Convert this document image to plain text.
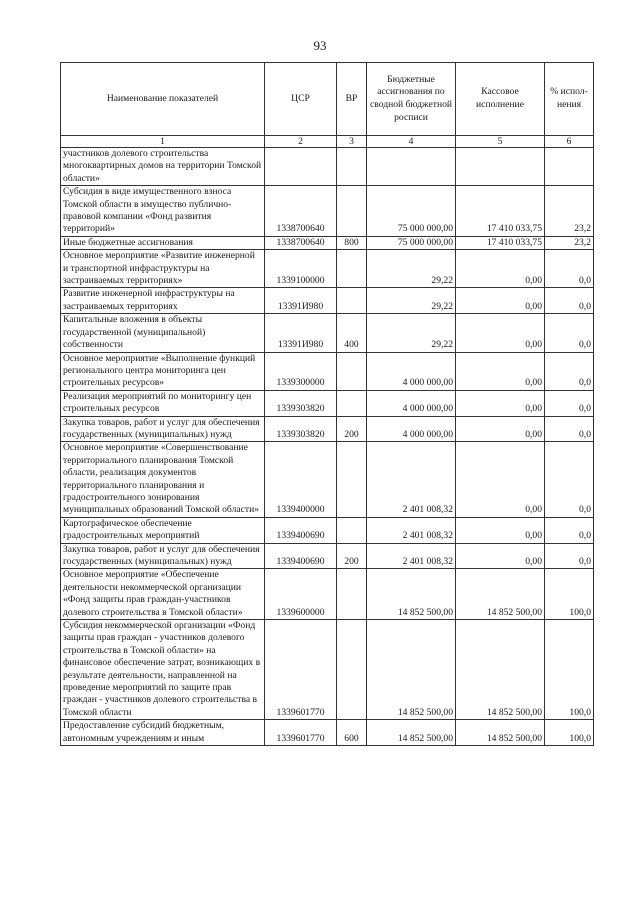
93
Наименование показателей	ЦСР	ВР	Бюджетные ассигнования по сводной бюджетной росписи	Кассовое исполнение	% испол-нения
1	2	3	4	5	6
участников долевого строительства многоквартирных домов на территории Томской области»					
Субсидия в виде имущественного взноса Томской области в имущество публично-правовой компании «Фонд развития территорий»	1338700640		75 000 000,00	17 410 033,75	23,2
Иные бюджетные ассигнования	1338700640	800	75 000 000,00	17 410 033,75	23,2
Основное мероприятие «Развитие инженерной и транспортной инфраструктуры на застраиваемых территориях»	1339100000		29,22	0,00	0,0
Развитие инженерной инфраструктуры на застраиваемых территориях	13391И980		29,22	0,00	0,0
Капитальные вложения в объекты государственной (муниципальной) собственности	13391И980	400	29,22	0,00	0,0
Основное мероприятие «Выполнение функций регионального центра мониторинга цен строительных ресурсов»	1339300000		4 000 000,00	0,00	0,0
Реализация мероприятий по мониторингу цен строительных ресурсов	1339303820		4 000 000,00	0,00	0,0
Закупка товаров, работ и услуг для обеспечения государственных (муниципальных) нужд	1339303820	200	4 000 000,00	0,00	0,0
Основное мероприятие «Совершенствование территориального планирования Томской области, реализация документов территориального планирования и градостроительного зонирования муниципальных образований Томской области»	1339400000		2 401 008,32	0,00	0,0
Картографическое обеспечение градостроительных мероприятий	1339400690		2 401 008,32	0,00	0,0
Закупка товаров, работ и услуг для обеспечения государственных (муниципальных) нужд	1339400690	200	2 401 008,32	0,00	0,0
Основное мероприятие «Обеспечение деятельности некоммерческой организации «Фонд защиты прав граждан-участников долевого строительства в Томской области»	1339600000		14 852 500,00	14 852 500,00	100,0
Субсидия некоммерческой организации «Фонд защиты прав граждан - участников долевого строительства в Томской области» на финансовое обеспечение затрат, возникающих в результате деятельности, направленной на проведение мероприятий по защите прав граждан - участников долевого строительства в Томской области	1339601770		14 852 500,00	14 852 500,00	100,0
Предоставление субсидий бюджетным, автономным учреждениям и иным	1339601770	600	14 852 500,00	14 852 500,00	100,0
